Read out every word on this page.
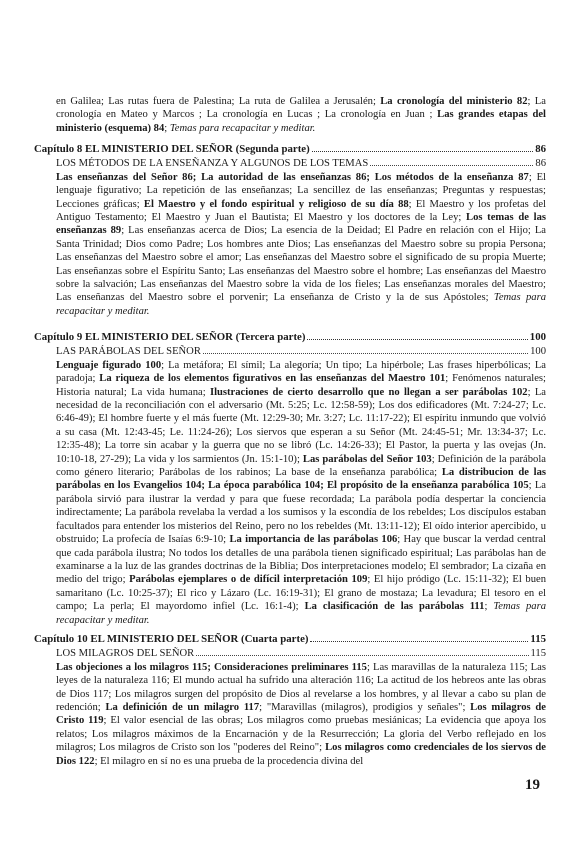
en Galilea; Las rutas fuera de Palestina; La ruta de Galilea a Jerusalén; La cronología del ministerio 82; La cronología en Mateo y Marcos ; La cronología en Lucas ; La cronología en Juan ; Las grandes etapas del ministerio (esquema) 84; Temas para recapacitar y meditar.

Capítulo 8 EL MINISTERIO DEL SEÑOR (Segunda parte)	86
LOS MÉTODOS DE LA ENSEÑANZA Y ALGUNOS DE LOS TEMAS	86

Las enseñanzas del Señor 86; La autoridad de las enseñanzas 86; Los métodos de la enseñanza 87; El lenguaje figurativo; La repetición de las enseñanzas; La sencillez de las enseñanzas; Preguntas y respuestas; Lecciones gráficas; El Maestro y el fondo espiritual y religioso de su día 88; El Maestro y los profetas del Antiguo Testamento; El Maestro y Juan el Bautista; El Maestro y los doctores de la Ley; Los temas de las enseñanzas 89; Las enseñanzas acerca de Dios; La esencia de la Deidad; El Padre en relación con el Hijo; La Santa Trinidad; Dios como Padre; Los hombres ante Dios; Las enseñanzas del Maestro sobre su propia Persona; Las enseñanzas del Maestro sobre el amor; Las enseñanzas del Maestro sobre el significado de su propia Muerte; Las enseñanzas sobre el Espíritu Santo; Las enseñanzas del Maestro sobre el hombre; Las enseñanzas del Maestro sobre la salvación; Las enseñanzas del Maestro sobre la vida de los fieles; Las enseñanzas morales del Maestro; Las enseñanzas del Maestro sobre el porvenir; La enseñanza de Cristo y la de sus Apóstoles; Temas para recapacitar y meditar.

Capítulo 9 EL MINISTERIO DEL SEÑOR (Tercera parte)	100
LAS PARÁBOLAS DEL SEÑOR	100

Lenguaje figurado 100; La metáfora; El símil; La alegoría; Un tipo; La hipérbole; Las frases hiperbólicas; La paradoja; La riqueza de los elementos figurativos en las enseñanzas del Maestro 101; Fenómenos naturales; Historia natural; La vida humana; Ilustraciones de cierto desarrollo que no llegan a ser parábolas 102; La necesidad de la reconciliación con el adversario (Mt. 5:25; Lc. 12:58-59); Los dos edificadores (Mt. 7:24-27; Lc. 6:46-49); El hombre fuerte y el más fuerte (Mt. 12:29-30; Mr. 3:27; Lc. 11:17-22); El espíritu inmundo que volvió a su casa (Mt. 12:43-45; Le. 11:24-26); Los siervos que esperan a su Señor (Mt. 24:45-51; Mr. 13:34-37; Lc. 12:35-48); La torre sin acabar y la guerra que no se libró (Lc. 14:26-33); El Pastor, la puerta y las ovejas (Jn. 10:10-18, 27-29); La vida y los sarmientos (Jn. 15:1-10); Las parábolas del Señor 103; Definición de la parábola como género literario; Parábolas de los rabinos; La base de la enseñanza parabólica; La distribucion de las parábolas en los Evangelios 104; La época parabólica 104; El propósito de la enseñanza parabólica 105; La parábola sirvió para ilustrar la verdad y para que fuese recordada; La parábola podía despertar la conciencia indirectamente; La parábola revelaba la verdad a los sumisos y la escondía de los rebeldes; Los discípulos estaban facultados para entender los misterios del Reino, pero no los rebeldes (Mt. 13:11-12); El oído interior apercibido, u obstruido; La profecía de Isaías 6:9-10; La importancia de las parábolas 106; Hay que buscar la verdad central que cada parábola ilustra; No todos los detalles de una parábola tienen significado espiritual; Las parábolas han de examinarse a la luz de las grandes doctrinas de la Biblia; Dos interpretaciones modelo; El sembrador; La cizaña en medio del trigo; Parábolas ejemplares o de difícil interpretación 109; El hijo pródigo (Lc. 15:11-32); El buen samaritano (Lc. 10:25-37); El rico y Lázaro (Lc. 16:19-31); El grano de mostaza; La levadura; El tesoro en el campo; La perla; El mayordomo infiel (Lc. 16:1-4); La clasificación de las parábolas 111; Temas para recapacitar y meditar.

Capítulo 10 EL MINISTERIO DEL SEÑOR (Cuarta parte)	115
LOS MILAGROS DEL SEÑOR	115

Las objeciones a los milagros 115; Consideraciones preliminares 115; Las maravillas de la naturaleza 115; Las leyes de la naturaleza 116; El mundo actual ha sufrido una alteración 116; La actitud de los hebreos ante las obras de Dios 117; Los milagros surgen del propósito de Dios al revelarse a los hombres, y al llevar a cabo su plan de redención; La definición de un milagro 117; "Maravillas (milagros), prodigios y señales"; Los milagros de Cristo 119; El valor esencial de las obras; Los milagros como pruebas mesiánicas; La evidencia que apoya los relatos; Los milagros máximos de la Encarnación y de la Resurrección; La gloria del Verbo reflejado en los milagros; Los milagros de Cristo son los "poderes del Reino"; Los milagros como credenciales de los siervos de Dios 122; El milagro en sí no es una prueba de la procedencia divina del

19
